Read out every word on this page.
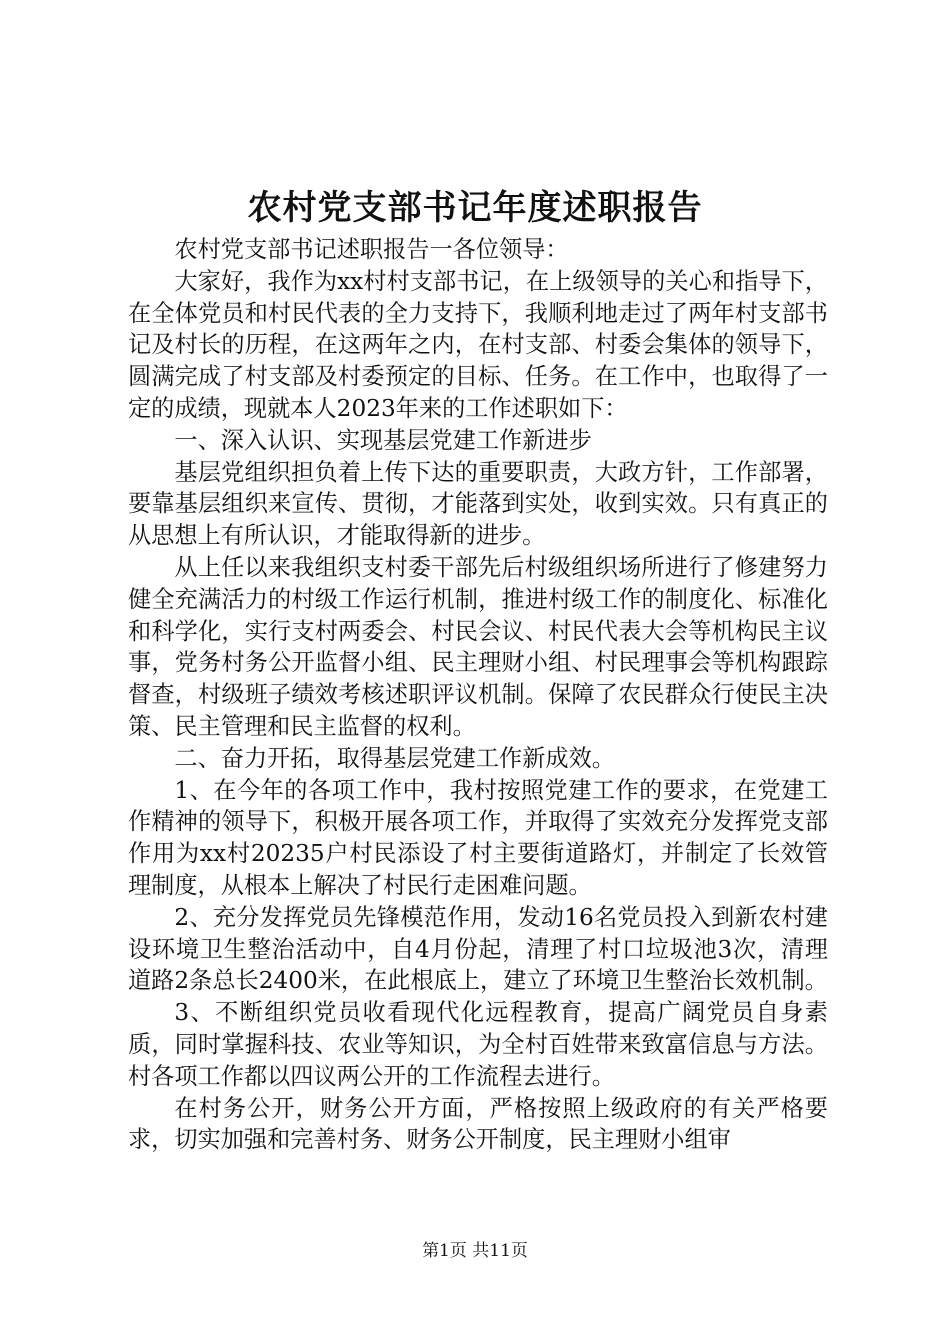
农村党支部书记年度述职报告

农村党支部书记述职报告一各位领导：

大家好，我作为xx村村支部书记，在上级领导的关心和指导下，在全体党员和村民代表的全力支持下，我顺利地走过了两年村支部书记及村长的历程，在这两年之内，在村支部、村委会集体的领导下，圆满完成了村支部及村委预定的目标、任务。在工作中，也取得了一定的成绩，现就本人2023年来的工作述职如下：

一、深入认识、实现基层党建工作新进步

基层党组织担负着上传下达的重要职责，大政方针，工作部署，要靠基层组织来宣传、贯彻，才能落到实处，收到实效。只有真正的从思想上有所认识，才能取得新的进步。

从上任以来我组织支村委干部先后村级组织场所进行了修建努力健全充满活力的村级工作运行机制，推进村级工作的制度化、标准化和科学化，实行支村两委会、村民会议、村民代表大会等机构民主议事，党务村务公开监督小组、民主理财小组、村民理事会等机构跟踪督查，村级班子绩效考核述职评议机制。保障了农民群众行使民主决策、民主管理和民主监督的权利。

二、奋力开拓，取得基层党建工作新成效。

1、在今年的各项工作中，我村按照党建工作的要求，在党建工作精神的领导下，积极开展各项工作，并取得了实效充分发挥党支部作用为xx村20235户村民添设了村主要街道路灯，并制定了长效管理制度，从根本上解决了村民行走困难问题。

2、充分发挥党员先锋模范作用，发动16名党员投入到新农村建设环境卫生整治活动中，自4月份起，清理了村口垃圾池3次，清理道路2条总长2400米，在此根底上，建立了环境卫生整治长效机制。

3、不断组织党员收看现代化远程教育，提高广阔党员自身素质，同时掌握科技、农业等知识，为全村百姓带来致富信息与方法。村各项工作都以四议两公开的工作流程去进行。

在村务公开，财务公开方面，严格按照上级政府的有关严格要求，切实加强和完善村务、财务公开制度，民主理财小组审

第1页 共11页
